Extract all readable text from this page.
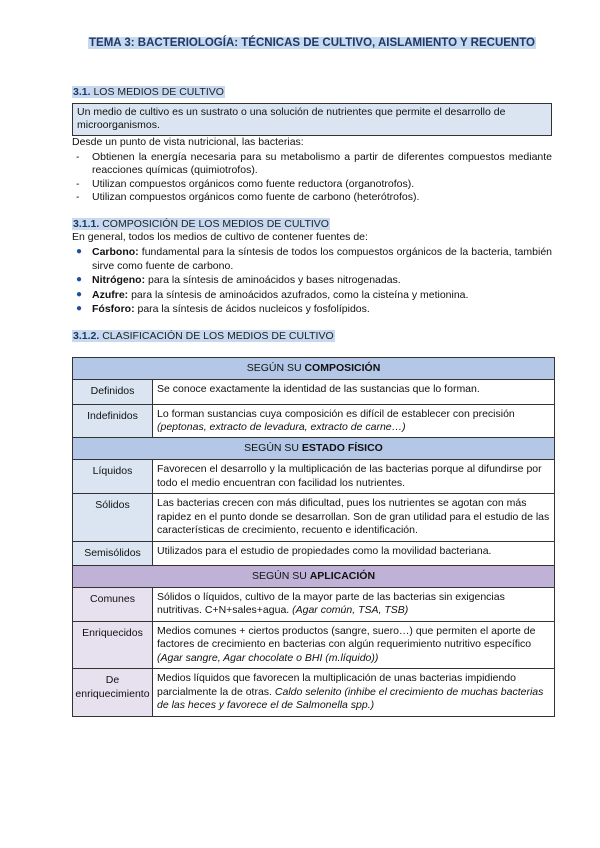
TEMA 3: BACTERIOLOGÍA: TÉCNICAS DE CULTIVO, AISLAMIENTO Y RECUENTO
3.1. LOS MEDIOS DE CULTIVO
Un medio de cultivo es un sustrato o una solución de nutrientes que permite el desarrollo de microorganismos.

Desde un punto de vista nutricional, las bacterias:

- Obtienen la energía necesaria para su metabolismo a partir de diferentes compuestos mediante reacciones químicas (quimiotrofos).
- Utilizan compuestos orgánicos como fuente reductora (organotrofos).
- Utilizan compuestos orgánicos como fuente de carbono (heterótrofos).
3.1.1. COMPOSICIÓN DE LOS MEDIOS DE CULTIVO

En general, todos los medios de cultivo de contener fuentes de:

● Carbono: fundamental para la síntesis de todos los compuestos orgánicos de la bacteria, también sirve como fuente de carbono.
● Nitrógeno: para la síntesis de aminoácidos y bases nitrogenadas.
● Azufre: para la síntesis de aminoácidos azufrados, como la cisteína y metionina.
● Fósforo: para la síntesis de ácidos nucleicos y fosfolípidos.
3.1.2. CLASIFICACIÓN DE LOS MEDIOS DE CULTIVO
SEGÚN SU COMPOSICIÓN	
Definidos	Se conoce exactamente la identidad de las sustancias que lo forman.
Indefinidos	Lo forman sustancias cuya composición es difícil de establecer con precisión (peptonas, extracto de levadura, extracto de carne…)
SEGÚN SU ESTADO FÍSICO	
Líquidos	Favorecen el desarrollo y la multiplicación de las bacterias porque al difundirse por todo el medio encuentran con facilidad los nutrientes.
Sólidos	Las bacterias crecen con más dificultad, pues los nutrientes se agotan con más rapidez en el punto donde se desarrollan. Son de gran utilidad para el estudio de las características de crecimiento, recuento e identificación.
Semisólidos	Utilizados para el estudio de propiedades como la movilidad bacteriana.
SEGÚN SU APLICACIÓN	
Comunes	Sólidos o líquidos, cultivo de la mayor parte de las bacterias sin exigencias nutritivas. C+N+sales+agua. (Agar común, TSA, TSB)
Enriquecidos	Medios comunes + ciertos productos (sangre, suero…) que permiten el aporte de factores de crecimiento en bacterias con algún requerimiento nutritivo específico (Agar sangre, Agar chocolate o BHI (m.líquido))
De enriquecimiento	Medios líquidos que favorecen la multiplicación de unas bacterias impidiendo parcialmente la de otras. Caldo selenito (inhibe el crecimiento de muchas bacterias de las heces y favorece el de Salmonella spp.)
